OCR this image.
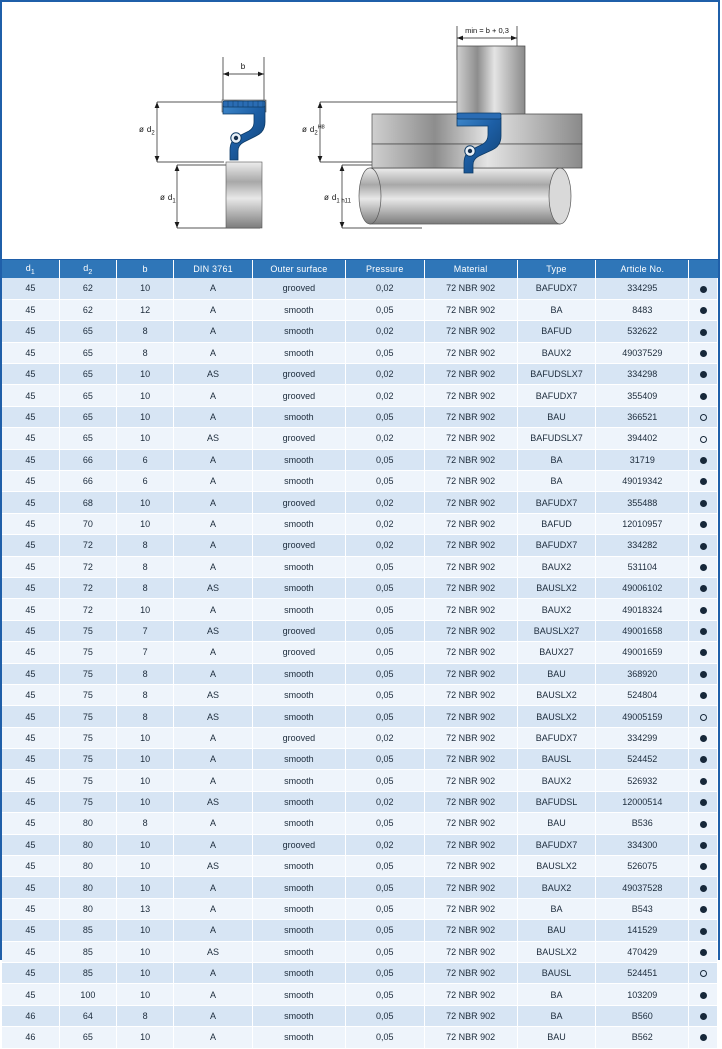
b
ø $d_2$
ø $d_1$
min = b + 0,3
ø $d_2^{H8}$
ø $d_{1 h11}$
$d_1$	$d_2$	b	DIN 3761	Outer surface	Pressure	Material	Type	Article No.	
45	62	10	A	grooved	0,02	72 NBR 902	BAFUDX7	334295	
45	62	12	A	smooth	0,05	72 NBR 902	BA	8483	
45	65	8	A	smooth	0,02	72 NBR 902	BAFUD	532622	
45	65	8	A	smooth	0,05	72 NBR 902	BAUX2	49037529	
45	65	10	AS	grooved	0,02	72 NBR 902	BAFUDSLX7	334298	
45	65	10	A	grooved	0,02	72 NBR 902	BAFUDX7	355409	
45	65	10	A	smooth	0,05	72 NBR 902	BAU	366521	
45	65	10	AS	grooved	0,02	72 NBR 902	BAFUDSLX7	394402	
45	66	6	A	smooth	0,05	72 NBR 902	BA	31719	
45	66	6	A	smooth	0,05	72 NBR 902	BA	49019342	
45	68	10	A	grooved	0,02	72 NBR 902	BAFUDX7	355488	
45	70	10	A	smooth	0,02	72 NBR 902	BAFUD	12010957	
45	72	8	A	grooved	0,02	72 NBR 902	BAFUDX7	334282	
45	72	8	A	smooth	0,05	72 NBR 902	BAUX2	531104	
45	72	8	AS	smooth	0,05	72 NBR 902	BAUSLX2	49006102	
45	72	10	A	smooth	0,05	72 NBR 902	BAUX2	49018324	
45	75	7	AS	grooved	0,05	72 NBR 902	BAUSLX27	49001658	
45	75	7	A	grooved	0,05	72 NBR 902	BAUX27	49001659	
45	75	8	A	smooth	0,05	72 NBR 902	BAU	368920	
45	75	8	AS	smooth	0,05	72 NBR 902	BAUSLX2	524804	
45	75	8	AS	smooth	0,05	72 NBR 902	BAUSLX2	49005159	
45	75	10	A	grooved	0,02	72 NBR 902	BAFUDX7	334299	
45	75	10	A	smooth	0,05	72 NBR 902	BAUSL	524452	
45	75	10	A	smooth	0,05	72 NBR 902	BAUX2	526932	
45	75	10	AS	smooth	0,02	72 NBR 902	BAFUDSL	12000514	
45	80	8	A	smooth	0,05	72 NBR 902	BAU	B536	
45	80	10	A	grooved	0,02	72 NBR 902	BAFUDX7	334300	
45	80	10	AS	smooth	0,05	72 NBR 902	BAUSLX2	526075	
45	80	10	A	smooth	0,05	72 NBR 902	BAUX2	49037528	
45	80	13	A	smooth	0,05	72 NBR 902	BA	B543	
45	85	10	A	smooth	0,05	72 NBR 902	BAU	141529	
45	85	10	AS	smooth	0,05	72 NBR 902	BAUSLX2	470429	
45	85	10	A	smooth	0,05	72 NBR 902	BAUSL	524451	
45	100	10	A	smooth	0,05	72 NBR 902	BA	103209	
46	64	8	A	smooth	0,05	72 NBR 902	BA	B560	
46	65	10	A	smooth	0,05	72 NBR 902	BAU	B562	
